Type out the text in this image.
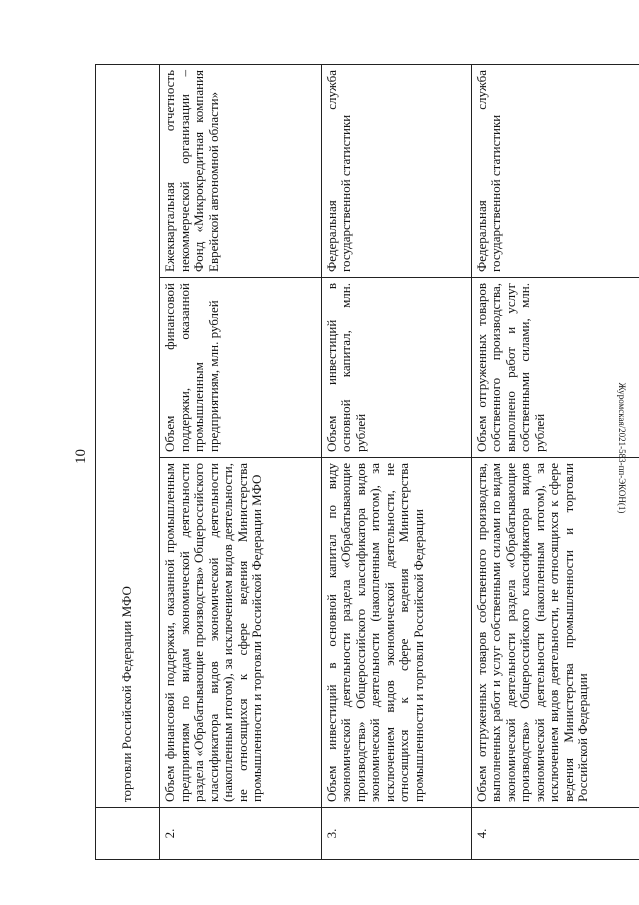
10	Журомская/2021-583-пп-ЭКОН(1)
	торговли Российской Федерации МФО		
2.	Объем финансовой поддержки, оказанной промышленным предприятиям по видам экономической деятельности раздела «Обрабатывающие производства» Общероссийского классификатора видов экономической деятельности (накопленным итогом), за исключением видов деятельности, не относящихся к сфере ведения Министерства промышленности и торговли Российской Федерации МФО	Объем финансовой поддержки, оказанной промышленным предприятиям, млн. рублей	Ежеквартальная отчетность некоммерческой организации – Фонд «Микрокредитная компания Еврейской автономной области»
3.	Объем инвестиций в основной капитал по виду экономической деятельности раздела «Обрабатывающие производства» Общероссийского классификатора видов экономической деятельности (накопленным итогом), за исключением видов экономической деятельности, не относящихся к сфере ведения Министерства промышленности и торговли Российской Федерации	Объем инвестиций в основной капитал, млн. рублей	Федеральная служба государственной статистики
4.	Объем отгруженных товаров собственного производства, выполненных работ и услуг собственными силами по видам экономической деятельности раздела «Обрабатывающие производства» Общероссийского классификатора видов экономической деятельности (накопленным итогом), за исключением видов деятельности, не относящихся к сфере ведения Министерства промышленности и торговли Российской Федерации	Объем отгруженных товаров собственного производства, выполнено работ и услуг собственными силами, млн. рублей	Федеральная служба государственной статистики
